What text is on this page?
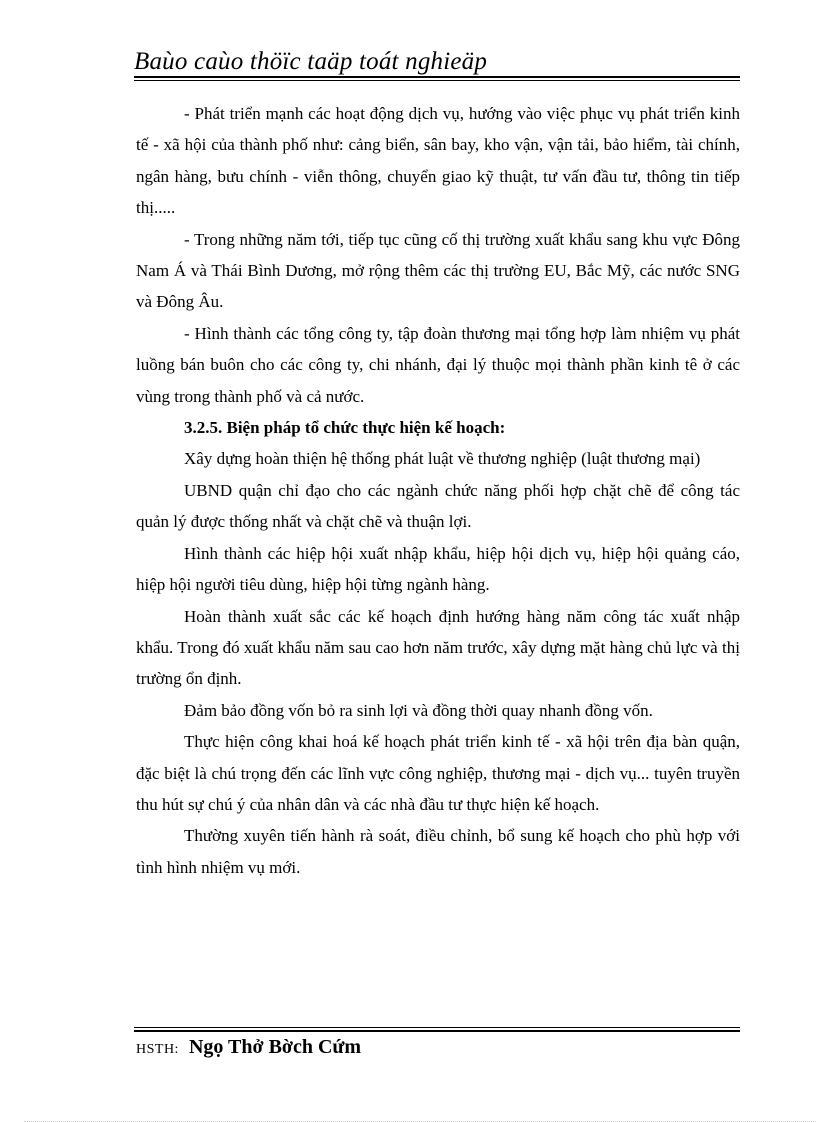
Baùo caùo thöïc taäp toát nghieäp

- Phát triển mạnh các hoạt động dịch vụ, hướng vào việc phục vụ phát triển kinh tế - xã hội của thành phố như: cảng biển, sân bay, kho vận, vận tải, bảo hiểm, tài chính, ngân hàng, bưu chính - viễn thông, chuyển giao kỹ thuật, tư vấn đầu tư, thông tin tiếp thị.....

- Trong những năm tới, tiếp tục cũng cố thị trường xuất khẩu sang khu vực Đông Nam Á và Thái Bình Dương, mở rộng thêm các thị trường EU, Bắc Mỹ, các nước SNG và Đông Âu.

- Hình thành các tổng công ty, tập đoàn thương mại tổng hợp làm nhiệm vụ phát luồng bán buôn cho các công ty, chi nhánh, đại lý thuộc mọi thành phần kinh tê ở các vùng trong thành phố và cả nước.

3.2.5. Biện pháp tổ chức thực hiện kế hoạch:

Xây dựng hoàn thiện hệ thống phát luật về thương nghiệp (luật thương mại)

UBND quận chỉ đạo cho các ngành chức năng phối hợp chặt chẽ để công tác quản lý được thống nhất và chặt chẽ và thuận lợi.

Hình thành các hiệp hội xuất nhập khẩu, hiệp hội dịch vụ, hiệp hội quảng cáo, hiệp hội người tiêu dùng, hiệp hội từng ngành hàng.

Hoàn thành xuất sắc các kế hoạch định hướng hàng năm công tác xuất nhập khẩu. Trong đó xuất khẩu năm sau cao hơn năm trước, xây dựng mặt hàng chủ lực và thị trường ổn định.

Đảm bảo đồng vốn bỏ ra sinh lợi và đồng thời quay nhanh đồng vốn.

Thực hiện công khai hoá kế hoạch phát triển kinh tế - xã hội trên địa bàn quận, đặc biệt là chú trọng đến các lĩnh vực công nghiệp, thương mại - dịch vụ... tuyên truyền thu hút sự chú ý của nhân dân và các nhà đầu tư thực hiện kế hoạch.

Thường xuyên tiến hành rà soát, điều chỉnh, bổ sung kế hoạch cho phù hợp với tình hình nhiệm vụ mới.

HSTH: Ngọ Thở Bờch Cứm
